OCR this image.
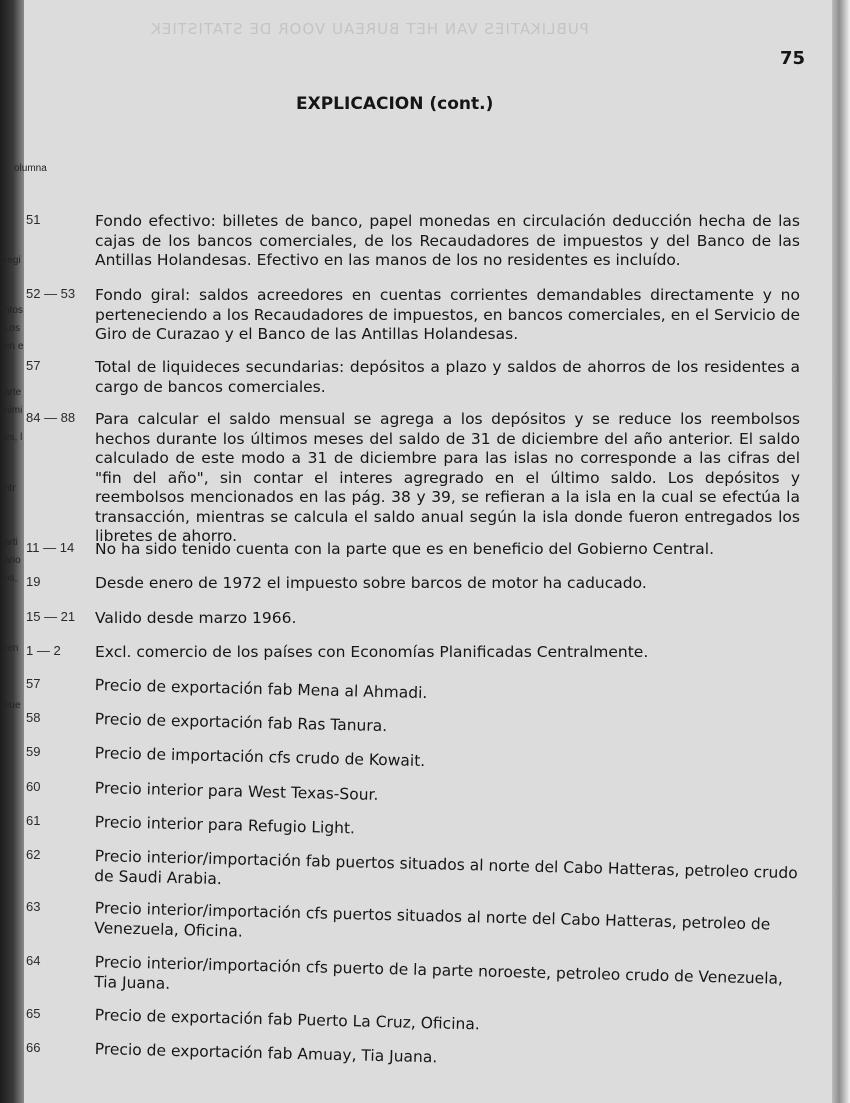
PUBLIKATIES VAN HET BUREAU VOOR DE STATISTIEK
75
EXPLICACION (cont.)
olumna
regi
ntos
Los
en e
arte
nimi
es, l
ntr
arti
ario
os,
ren
eue
51	Fondo efectivo: billetes de banco, papel monedas en circulación deducción hecha de las cajas de los bancos comerciales, de los Recaudadores de impuestos y del Banco de las Antillas Holandesas. Efectivo en las manos de los no residentes es incluído.
52 — 53	Fondo giral: saldos acreedores en cuentas corrientes demandables directamente y no perteneciendo a los Recaudadores de impuestos, en bancos comerciales, en el Servicio de Giro de Curazao y el Banco de las Antillas Holandesas.
57	Total de liquideces secundarias: depósitos a plazo y saldos de ahorros de los residentes a cargo de bancos comerciales.
84 — 88	Para calcular el saldo mensual se agrega a los depósitos y se reduce los reembolsos hechos durante los últimos meses del saldo de 31 de diciembre del año anterior. El saldo calculado de este modo a 31 de diciembre para las islas no corresponde a las cifras del "fin del año", sin contar el interes agregrado en el último saldo. Los depósitos y reembolsos mencionados en las pág. 38 y 39, se refieran a la isla en la cual se efectúa la transacción, mientras se calcula el saldo anual según la isla donde fueron entregados los libretes de ahorro.
11 — 14	No ha sido tenido cuenta con la parte que es en beneficio del Gobierno Central.
19	Desde enero de 1972 el impuesto sobre barcos de motor ha caducado.
15 — 21	Valido desde marzo 1966.
1 — 2	Excl. comercio de los países con Economías Planificadas Centralmente.
57	Precio de exportación fab Mena al Ahmadi.
58	Precio de exportación fab Ras Tanura.
59	Precio de importación cfs crudo de Kowait.
60	Precio interior para West Texas-Sour.
61	Precio interior para Refugio Light.
62	Precio interior/importación fab puertos situados al norte del Cabo Hatteras, petroleo crudo de Saudi Arabia.
63	Precio interior/importación cfs puertos situados al norte del Cabo Hatteras, petroleo de Venezuela, Oficina.
64	Precio interior/importación cfs puerto de la parte noroeste, petroleo crudo de Venezuela, Tia Juana.
65	Precio de exportación fab Puerto La Cruz, Oficina.
66	Precio de exportación fab Amuay, Tia Juana.
